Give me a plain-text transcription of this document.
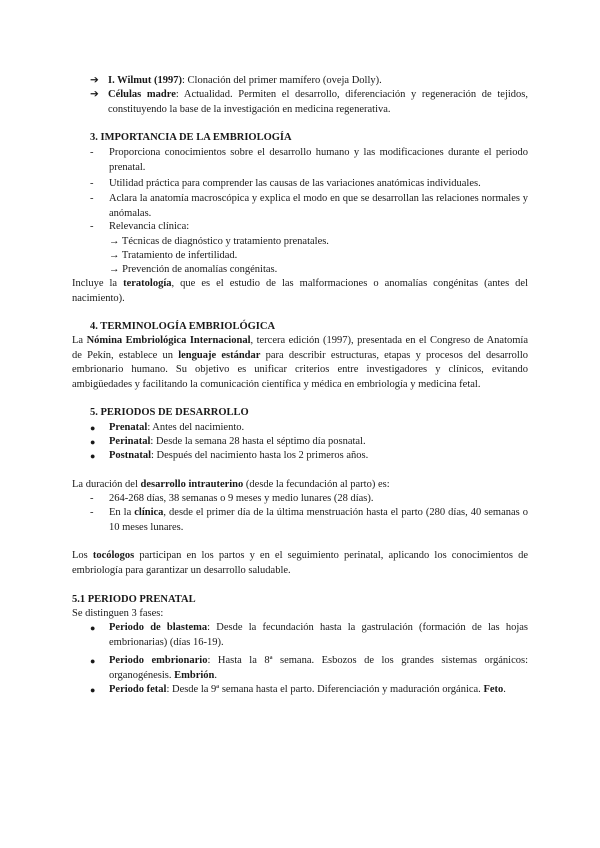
➔ I. Wilmut (1997): Clonación del primer mamífero (oveja Dolly).
➔ Células madre: Actualidad. Permiten el desarrollo, diferenciación y regeneración de tejidos, constituyendo la base de la investigación en medicina regenerativa.
3. IMPORTANCIA DE LA EMBRIOLOGÍA
- Proporciona conocimientos sobre el desarrollo humano y las modificaciones durante el periodo prenatal.
- Utilidad práctica para comprender las causas de las variaciones anatómicas individuales.
- Aclara la anatomía macroscópica y explica el modo en que se desarrollan las relaciones normales y anómalas.
- Relevancia clínica:
→ Técnicas de diagnóstico y tratamiento prenatales.
→ Tratamiento de infertilidad.
→ Prevención de anomalías congénitas.
Incluye la teratología, que es el estudio de las malformaciones o anomalías congénitas (antes del nacimiento).
4. TERMINOLOGÍA EMBRIOLÓGICA
La Nómina Embriológica Internacional, tercera edición (1997), presentada en el Congreso de Anatomía de Pekín, establece un lenguaje estándar para describir estructuras, etapas y procesos del desarrollo embrionario humano. Su objetivo es unificar criterios entre investigadores y clínicos, evitando ambigüedades y facilitando la comunicación científica y médica en embriología y medicina fetal.
5. PERIODOS DE DESARROLLO
● Prenatal: Antes del nacimiento.
● Perinatal: Desde la semana 28 hasta el séptimo día posnatal.
● Postnatal: Después del nacimiento hasta los 2 primeros años.
La duración del desarrollo intrauterino (desde la fecundación al parto) es:
- 264-268 días, 38 semanas o 9 meses y medio lunares (28 días).
- En la clínica, desde el primer día de la última menstruación hasta el parto (280 días, 40 semanas o 10 meses lunares.
Los tocólogos participan en los partos y en el seguimiento perinatal, aplicando los conocimientos de embriología para garantizar un desarrollo saludable.
5.1 PERIODO PRENATAL
Se distinguen 3 fases:
● Periodo de blastema: Desde la fecundación hasta la gastrulación (formación de las hojas embrionarias) (días 16-19).
● Periodo embrionario: Hasta la 8ª semana. Esbozos de los grandes sistemas orgánicos: organogénesis. Embrión.
● Periodo fetal: Desde la 9ª semana hasta el parto. Diferenciación y maduración orgánica. Feto.
